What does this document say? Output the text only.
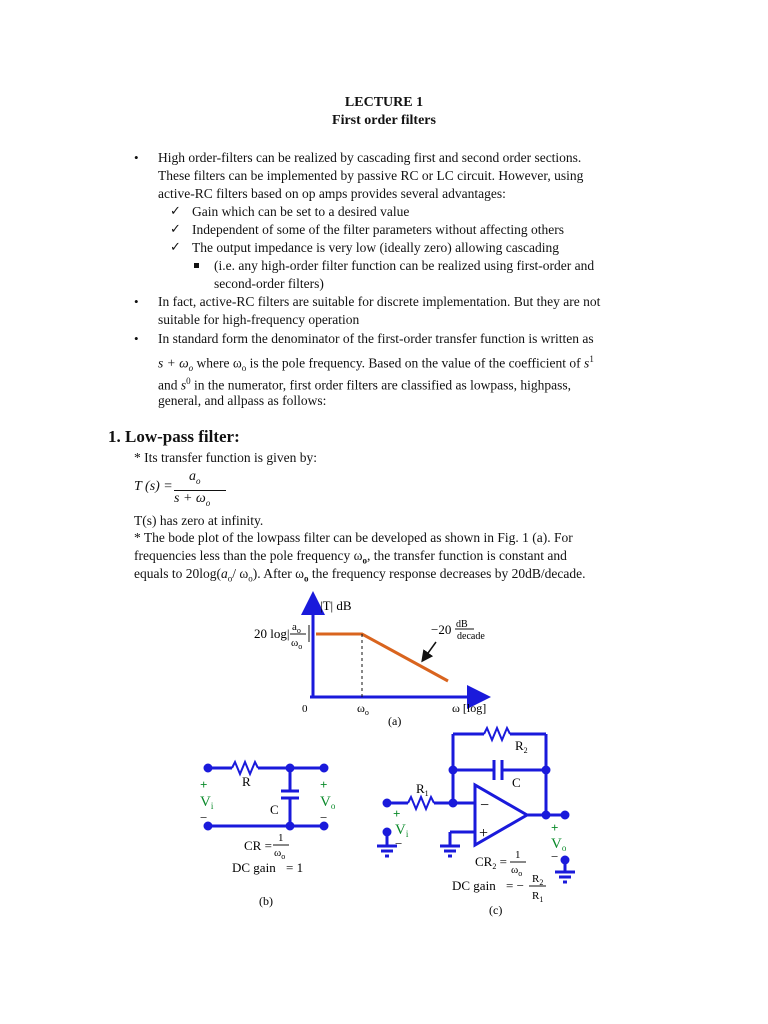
LECTURE 1
First order filters
• High order-filters can be realized by cascading first and second order sections.
These filters can be implemented by passive RC or LC circuit. However, using
active-RC filters based on op amps provides several advantages:
✓ Gain which can be set to a desired value
✓ Independent of some of the filter parameters without affecting others
✓ The output impedance is very low (ideally zero) allowing cascading
(i.e. any high-order filter function can be realized using first-order and
second-order filters)
• In fact, active-RC filters are suitable for discrete implementation. But they are not
suitable for high-frequency operation
• In standard form the denominator of the first-order transfer function is written as
$s + \omega_o$ where $\omega_o$ is the pole frequency. Based on the value of the coefficient of $s^1$
and $s^0$ in the numerator, first order filters are classified as lowpass, highpass,
general, and allpass as follows:
1. Low-pass filter:
* Its transfer function is given by:
T (s) =
$a_o$
$s + \omega_o$
T(s) has zero at infinity.
* The bode plot of the lowpass filter can be developed as shown in Fig. 1 (a). For
frequencies less than the pole frequency $\omega_o$, the transfer function is constant and
equals to $20\log(a_o/$ $\omega_o$). After $\omega_o$ the frequency response decreases by 20dB/decade.
|T| dB
20 log| $a_o$
$\omega_o$
−20 dB
decade
0	$\omega_o$	ω [log]
(a)
R
C
+
$V_i$
−
+
$V_o$
−
CR = 1
$\omega_o$
DC gain = 1
(b)
−
+
$R_1$
$R_2$
C
+
$V_i$
−
+
$V_o$
−
$CR_2 = 1$
$\omega_o$
DC gain = − $R_2$
$R_1$
(c)
